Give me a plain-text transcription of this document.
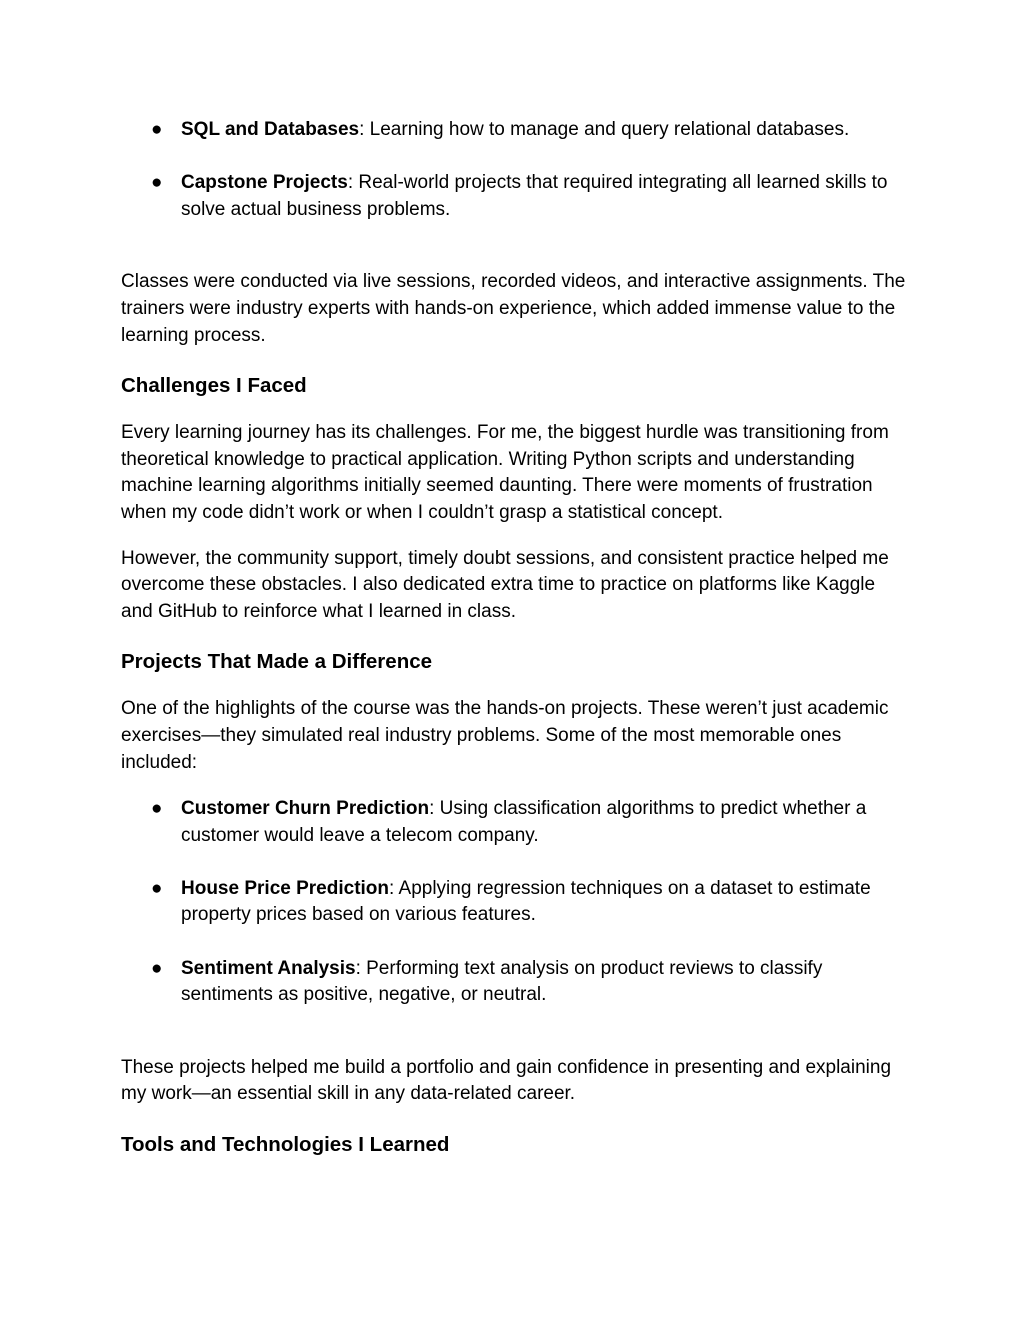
● SQL and Databases: Learning how to manage and query relational databases.
● Capstone Projects: Real-world projects that required integrating all learned skills to solve actual business problems.

Classes were conducted via live sessions, recorded videos, and interactive assignments. The trainers were industry experts with hands-on experience, which added immense value to the learning process.

Challenges I Faced

Every learning journey has its challenges. For me, the biggest hurdle was transitioning from theoretical knowledge to practical application. Writing Python scripts and understanding machine learning algorithms initially seemed daunting. There were moments of frustration when my code didn’t work or when I couldn’t grasp a statistical concept.

However, the community support, timely doubt sessions, and consistent practice helped me overcome these obstacles. I also dedicated extra time to practice on platforms like Kaggle and GitHub to reinforce what I learned in class.

Projects That Made a Difference

One of the highlights of the course was the hands-on projects. These weren’t just academic exercises—they simulated real industry problems. Some of the most memorable ones included:

● Customer Churn Prediction: Using classification algorithms to predict whether a customer would leave a telecom company.
● House Price Prediction: Applying regression techniques on a dataset to estimate property prices based on various features.
● Sentiment Analysis: Performing text analysis on product reviews to classify sentiments as positive, negative, or neutral.

These projects helped me build a portfolio and gain confidence in presenting and explaining my work—an essential skill in any data-related career.

Tools and Technologies I Learned
